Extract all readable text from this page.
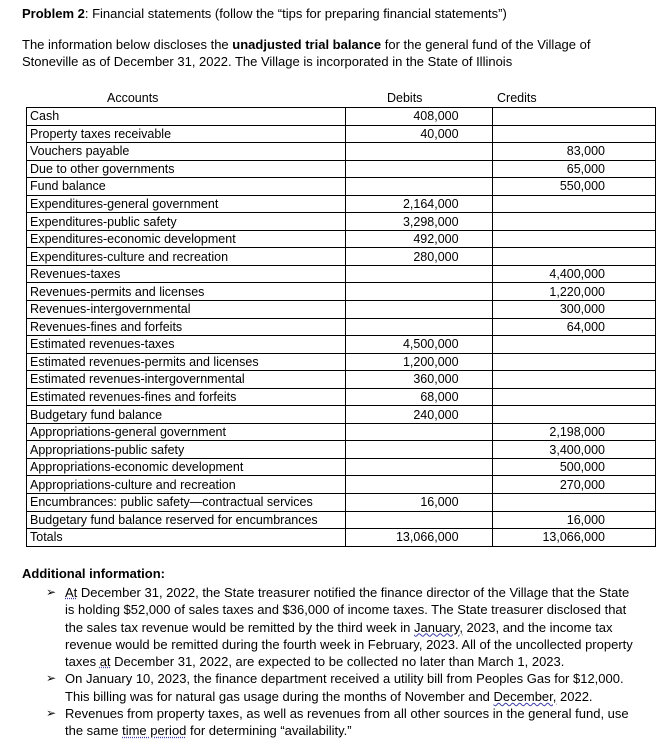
Problem 2: Financial statements (follow the “tips for preparing financial statements”)
The information below discloses the unadjusted trial balance for the general fund of the Village of Stoneville as of December 31, 2022. The Village is incorporated in the State of Illinois
Accounts	Debits	Credits
Cash	408,000	
Property taxes receivable	40,000	
Vouchers payable		83,000
Due to other governments		65,000
Fund balance		550,000
Expenditures-general government	2,164,000	
Expenditures-public safety	3,298,000	
Expenditures-economic development	492,000	
Expenditures-culture and recreation	280,000	
Revenues-taxes		4,400,000
Revenues-permits and licenses		1,220,000
Revenues-intergovernmental		300,000
Revenues-fines and forfeits		64,000
Estimated revenues-taxes	4,500,000	
Estimated revenues-permits and licenses	1,200,000	
Estimated revenues-intergovernmental	360,000	
Estimated revenues-fines and forfeits	68,000	
Budgetary fund balance	240,000	
Appropriations-general government		2,198,000
Appropriations-public safety		3,400,000
Appropriations-economic development		500,000
Appropriations-culture and recreation		270,000
Encumbrances: public safety—contractual services	16,000	
Budgetary fund balance reserved for encumbrances		16,000
Totals	13,066,000	13,066,000
Additional information:
➢ At December 31, 2022, the State treasurer notified the finance director of the Village that the State is holding $52,000 of sales taxes and $36,000 of income taxes. The State treasurer disclosed that the sales tax revenue would be remitted by the third week in January, 2023, and the income tax revenue would be remitted during the fourth week in February, 2023. All of the uncollected property taxes at December 31, 2022, are expected to be collected no later than March 1, 2023.
➢ On January 10, 2023, the finance department received a utility bill from Peoples Gas for $12,000. This billing was for natural gas usage during the months of November and December, 2022.
➢ Revenues from property taxes, as well as revenues from all other sources in the general fund, use the same time period for determining “availability.”
